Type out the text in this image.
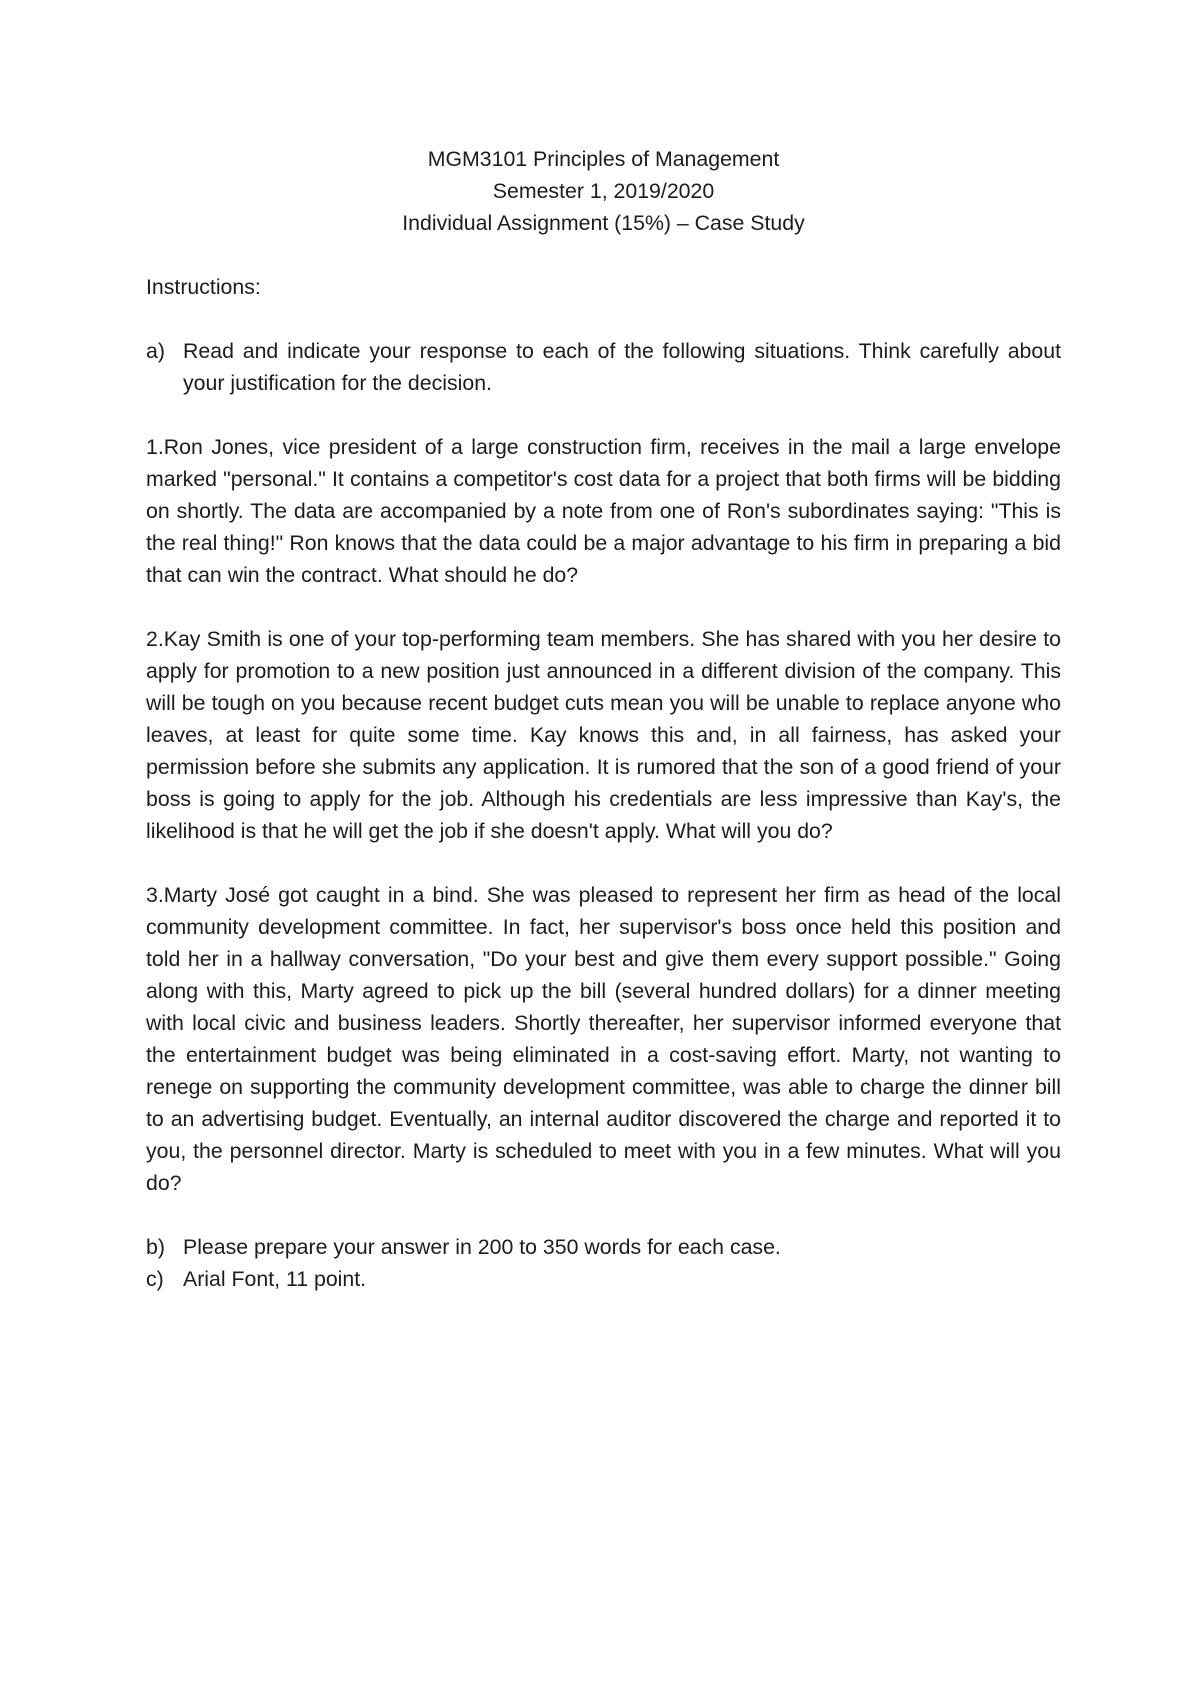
MGM3101 Principles of Management
Semester 1, 2019/2020
Individual Assignment (15%) – Case Study

Instructions:

a) Read and indicate your response to each of the following situations. Think carefully about your justification for the decision.

1.Ron Jones, vice president of a large construction firm, receives in the mail a large envelope marked "personal." It contains a competitor's cost data for a project that both firms will be bidding on shortly. The data are accompanied by a note from one of Ron's subordinates saying: "This is the real thing!" Ron knows that the data could be a major advantage to his firm in preparing a bid that can win the contract. What should he do?

2.Kay Smith is one of your top-performing team members. She has shared with you her desire to apply for promotion to a new position just announced in a different division of the company. This will be tough on you because recent budget cuts mean you will be unable to replace anyone who leaves, at least for quite some time. Kay knows this and, in all fairness, has asked your permission before she submits any application. It is rumored that the son of a good friend of your boss is going to apply for the job. Although his credentials are less impressive than Kay's, the likelihood is that he will get the job if she doesn't apply. What will you do?

3.Marty José got caught in a bind. She was pleased to represent her firm as head of the local community development committee. In fact, her supervisor's boss once held this position and told her in a hallway conversation, "Do your best and give them every support possible." Going along with this, Marty agreed to pick up the bill (several hundred dollars) for a dinner meeting with local civic and business leaders. Shortly thereafter, her supervisor informed everyone that the entertainment budget was being eliminated in a cost-saving effort. Marty, not wanting to renege on supporting the community development committee, was able to charge the dinner bill to an advertising budget. Eventually, an internal auditor discovered the charge and reported it to you, the personnel director. Marty is scheduled to meet with you in a few minutes. What will you do?

b) Please prepare your answer in 200 to 350 words for each case.
c) Arial Font, 11 point.
